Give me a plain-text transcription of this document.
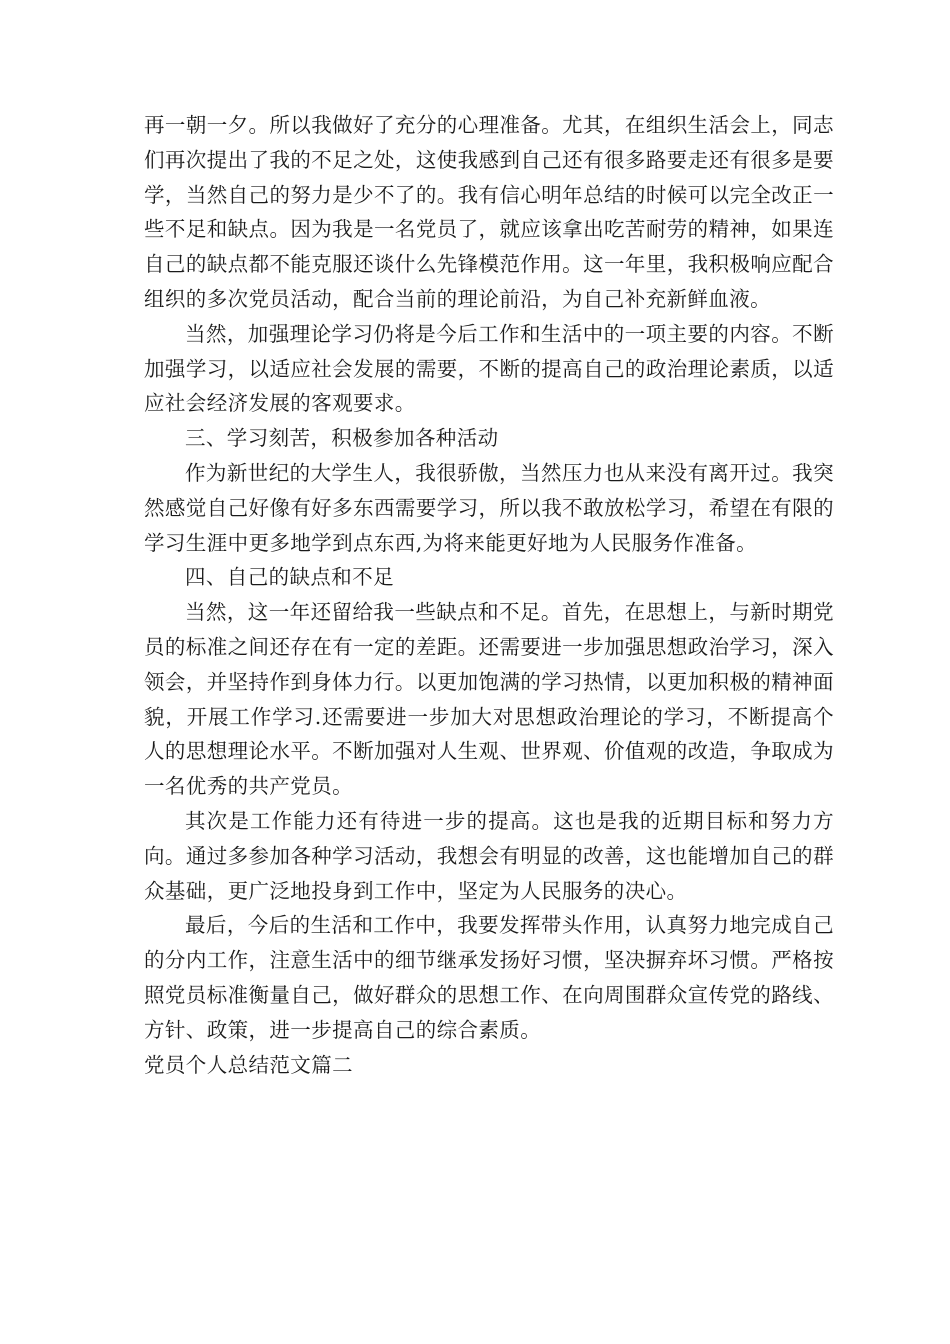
再一朝一夕。所以我做好了充分的心理准备。尤其，在组织生活会上，同志们再次提出了我的不足之处，这使我感到自己还有很多路要走还有很多是要学，当然自己的努力是少不了的。我有信心明年总结的时候可以完全改正一些不足和缺点。因为我是一名党员了，就应该拿出吃苦耐劳的精神，如果连自己的缺点都不能克服还谈什么先锋模范作用。这一年里，我积极响应配合组织的多次党员活动，配合当前的理论前沿，为自己补充新鲜血液。

当然，加强理论学习仍将是今后工作和生活中的一项主要的内容。不断加强学习，以适应社会发展的需要，不断的提高自己的政治理论素质，以适应社会经济发展的客观要求。

三、学习刻苦，积极参加各种活动

作为新世纪的大学生人，我很骄傲，当然压力也从来没有离开过。我突然感觉自己好像有好多东西需要学习，所以我不敢放松学习，希望在有限的学习生涯中更多地学到点东西,为将来能更好地为人民服务作准备。

四、自己的缺点和不足

当然，这一年还留给我一些缺点和不足。首先，在思想上，与新时期党员的标准之间还存在有一定的差距。还需要进一步加强思想政治学习，深入领会，并坚持作到身体力行。以更加饱满的学习热情，以更加积极的精神面貌，开展工作学习.还需要进一步加大对思想政治理论的学习，不断提高个人的思想理论水平。不断加强对人生观、世界观、价值观的改造，争取成为一名优秀的共产党员。

其次是工作能力还有待进一步的提高。这也是我的近期目标和努力方向。通过多参加各种学习活动，我想会有明显的改善，这也能增加自己的群众基础，更广泛地投身到工作中，坚定为人民服务的决心。

最后，今后的生活和工作中，我要发挥带头作用，认真努力地完成自己的分内工作，注意生活中的细节继承发扬好习惯，坚决摒弃坏习惯。严格按照党员标准衡量自己，做好群众的思想工作、在向周围群众宣传党的路线、方针、政策，进一步提高自己的综合素质。

党员个人总结范文篇二
